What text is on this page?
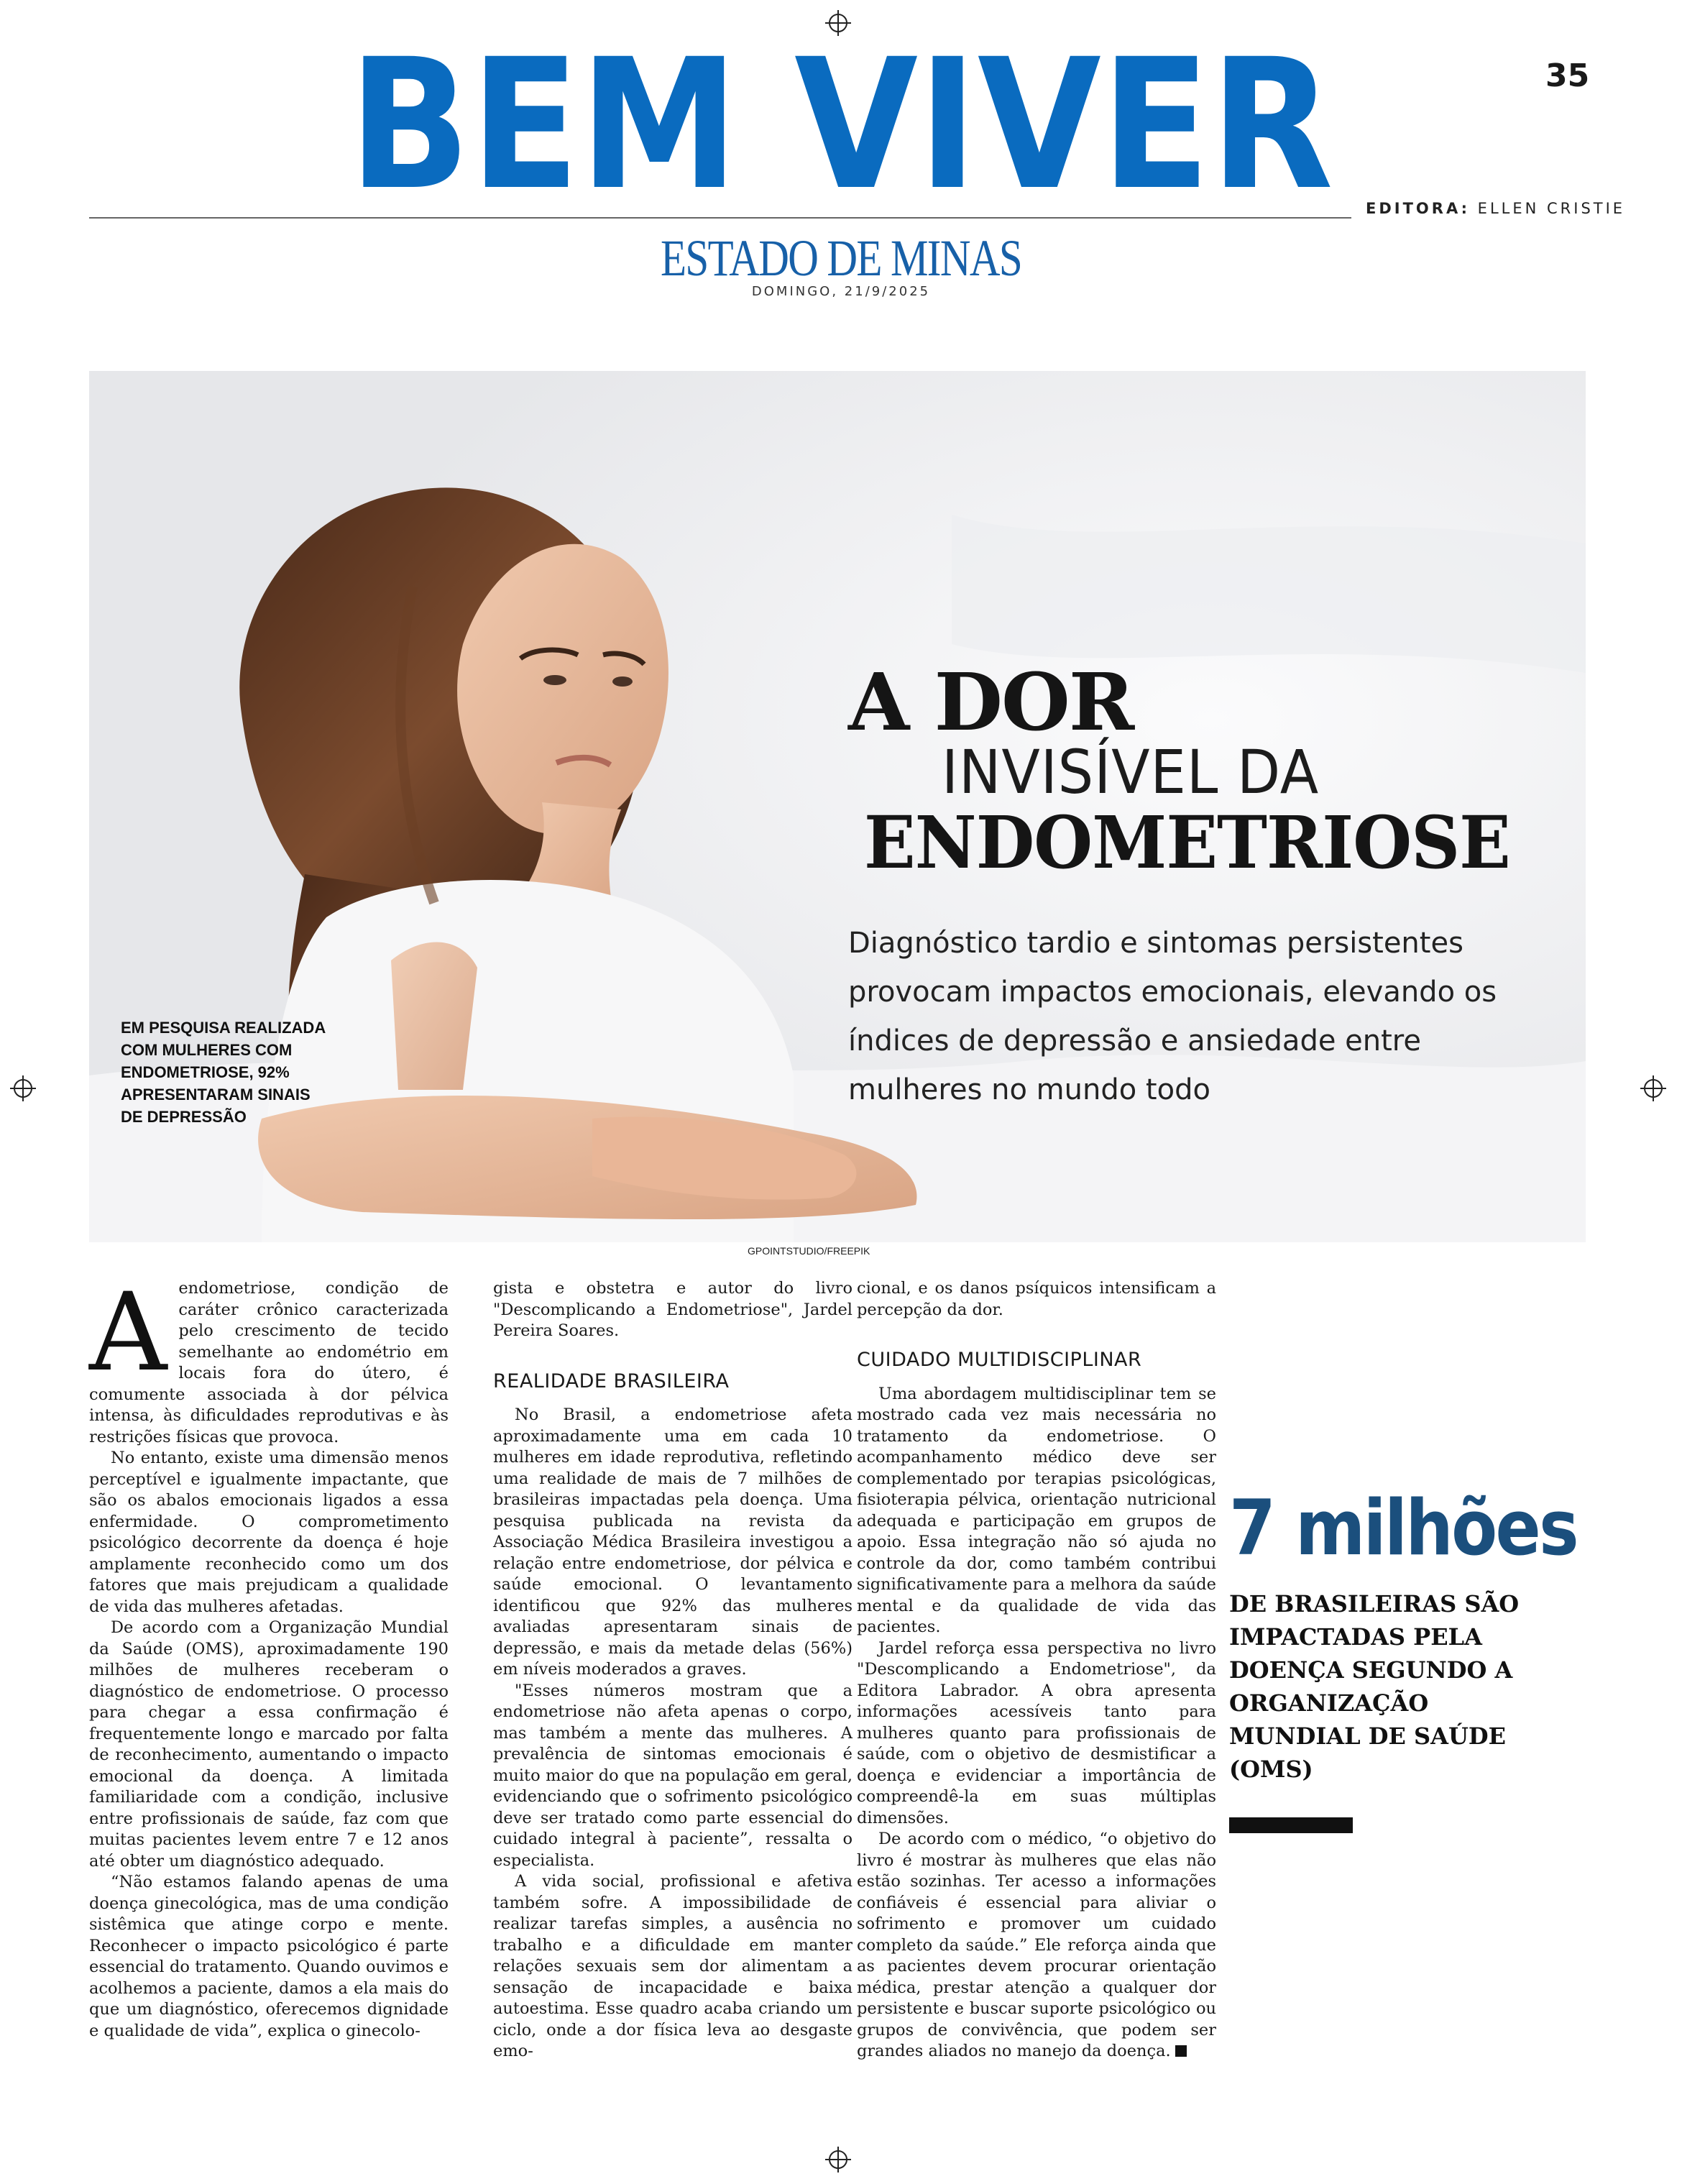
BEM VIVER	35
EDITORA: ELLEN CRISTIE
ESTADO DE MINAS
DOMINGO, 21/9/2025
EM PESQUISA REALIZADA COM MULHERES COM ENDOMETRIOSE, 92% APRESENTARAM SINAIS DE DEPRESSÃO
GPOINTSTUDIO/FREEPIK
A DOR
INVISÍVEL DA
ENDOMETRIOSE
Diagnóstico tardio e sintomas persistentes provocam impactos emocionais, elevando os índices de depressão e ansiedade entre mulheres no mundo todo
A endometriose, condição de caráter crônico caracterizada pelo crescimento de tecido semelhante ao endométrio em locais fora do útero, é comumente associada à dor pélvica intensa, às dificuldades reprodutivas e às restrições físicas que provoca.

No entanto, existe uma dimensão menos perceptível e igualmente impactante, que são os abalos emocionais ligados a essa enfermidade. O comprometimento psicológico decorrente da doença é hoje amplamente reconhecido como um dos fatores que mais prejudicam a qualidade de vida das mulheres afetadas.

De acordo com a Organização Mundial da Saúde (OMS), aproximadamente 190 milhões de mulheres receberam o diagnóstico de endometriose. O processo para chegar a essa confirmação é frequentemente longo e marcado por falta de reconhecimento, aumentando o impacto emocional da doença. A limitada familiaridade com a condição, inclusive entre profissionais de saúde, faz com que muitas pacientes levem entre 7 e 12 anos até obter um diagnóstico adequado.

“Não estamos falando apenas de uma doença ginecológica, mas de uma condição sistêmica que atinge corpo e mente. Reconhecer o impacto psicológico é parte essencial do tratamento. Quando ouvimos e acolhemos a paciente, damos a ela mais do que um diagnóstico, oferecemos dignidade e qualidade de vida”, explica o ginecolo-

gista e obstetra e autor do livro "Descomplicando a Endometriose", Jardel Pereira Soares.

REALIDADE BRASILEIRA

No Brasil, a endometriose afeta aproximadamente uma em cada 10 mulheres em idade reprodutiva, refletindo uma realidade de mais de 7 milhões de brasileiras impactadas pela doença. Uma pesquisa publicada na revista da Associação Médica Brasileira investigou a relação entre endometriose, dor pélvica e saúde emocional. O levantamento identificou que 92% das mulheres avaliadas apresentaram sinais de depressão, e mais da metade delas (56%) em níveis moderados a graves.

"Esses números mostram que a endometriose não afeta apenas o corpo, mas também a mente das mulheres. A prevalência de sintomas emocionais é muito maior do que na população em geral, evidenciando que o sofrimento psicológico deve ser tratado como parte essencial do cuidado integral à paciente”, ressalta o especialista.

A vida social, profissional e afetiva também sofre. A impossibilidade de realizar tarefas simples, a ausência no trabalho e a dificuldade em manter relações sexuais sem dor alimentam a sensação de incapacidade e baixa autoestima. Esse quadro acaba criando um ciclo, onde a dor física leva ao desgaste emo-

cional, e os danos psíquicos intensificam a percepção da dor.

CUIDADO MULTIDISCIPLINAR

Uma abordagem multidisciplinar tem se mostrado cada vez mais necessária no tratamento da endometriose. O acompanhamento médico deve ser complementado por terapias psicológicas, fisioterapia pélvica, orientação nutricional adequada e participação em grupos de apoio. Essa integração não só ajuda no controle da dor, como também contribui significativamente para a melhora da saúde mental e da qualidade de vida das pacientes.

Jardel reforça essa perspectiva no livro "Descomplicando a Endometriose", da Editora Labrador. A obra apresenta informações acessíveis tanto para mulheres quanto para profissionais de saúde, com o objetivo de desmistificar a doença e evidenciar a importância de compreendê-la em suas múltiplas dimensões.

De acordo com o médico, “o objetivo do livro é mostrar às mulheres que elas não estão sozinhas. Ter acesso a informações confiáveis é essencial para aliviar o sofrimento e promover um cuidado completo da saúde.” Ele reforça ainda que as pacientes devem procurar orientação médica, prestar atenção a qualquer dor persistente e buscar suporte psicológico ou grupos de convivência, que podem ser grandes aliados no manejo da doença.

7 milhões
DE BRASILEIRAS SÃO IMPACTADAS PELA DOENÇA SEGUNDO A ORGANIZAÇÃO MUNDIAL DE SAÚDE (OMS)
